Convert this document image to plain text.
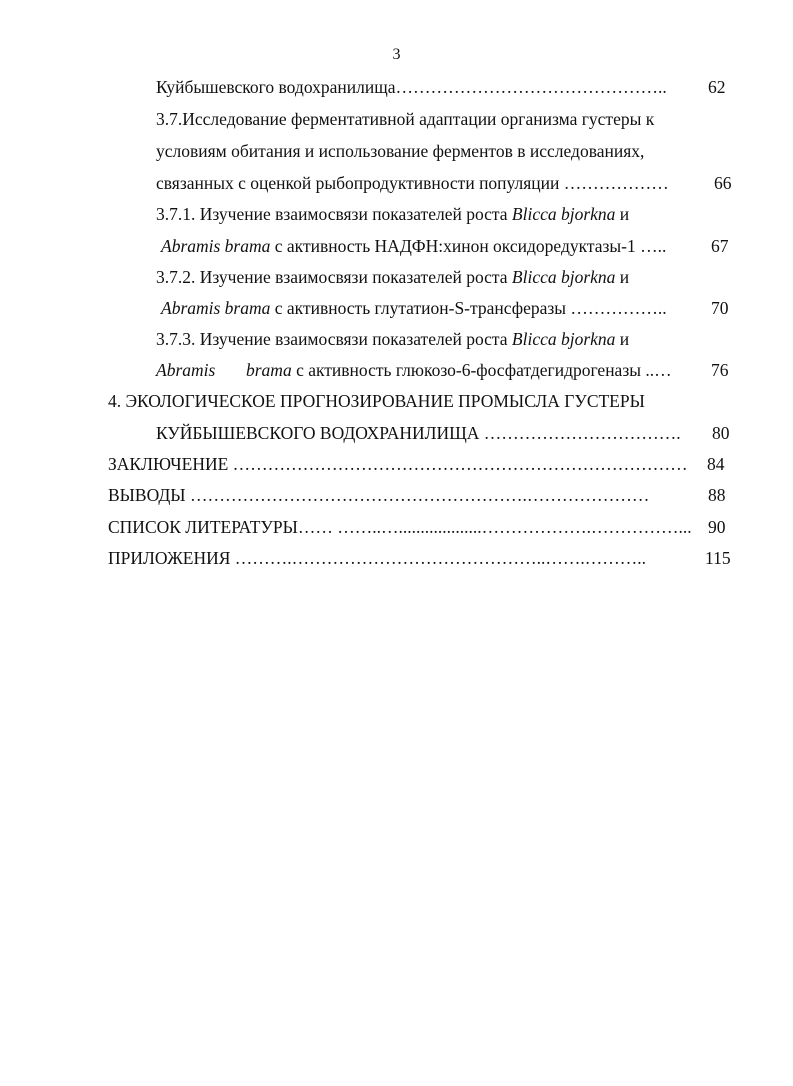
3
Куйбышевского водохранилища……………………………………….. 62
3.7.Исследование ферментативной адаптации организма густеры к
условиям обитания и использование ферментов в исследованиях,
связанных с оценкой рыбопродуктивности популяции ………………	66
3.7.1. Изучение взаимосвязи показателей роста Blicca bjorkna и
Abramis brama с активность НАДФН:хинон оксидоредуктазы-1 …..	67
3.7.2. Изучение взаимосвязи показателей роста Blicca bjorkna и
Abramis brama с активность глутатион-S-трансферазы ……………..	70
3.7.3. Изучение взаимосвязи показателей роста Blicca bjorkna и
Abramis brama с активность глюкозо-6-фосфатдегидрогеназы ..… 76
4. ЭКОЛОГИЧЕСКОЕ ПРОГНОЗИРОВАНИЕ ПРОМЫСЛА ГУСТЕРЫ
КУЙБЫШЕВСКОГО ВОДОХРАНИЛИЩА ……………………………. 80
ЗАКЛЮЧЕНИЕ …………………………………………………………………… 84
ВЫВОДЫ ………………………………………………….…………………	88
СПИСОК ЛИТЕРАТУРЫ…… ……..…...................……………….……………... 90
ПРИЛОЖЕНИЯ ……….……………………………………..…….………..	115
